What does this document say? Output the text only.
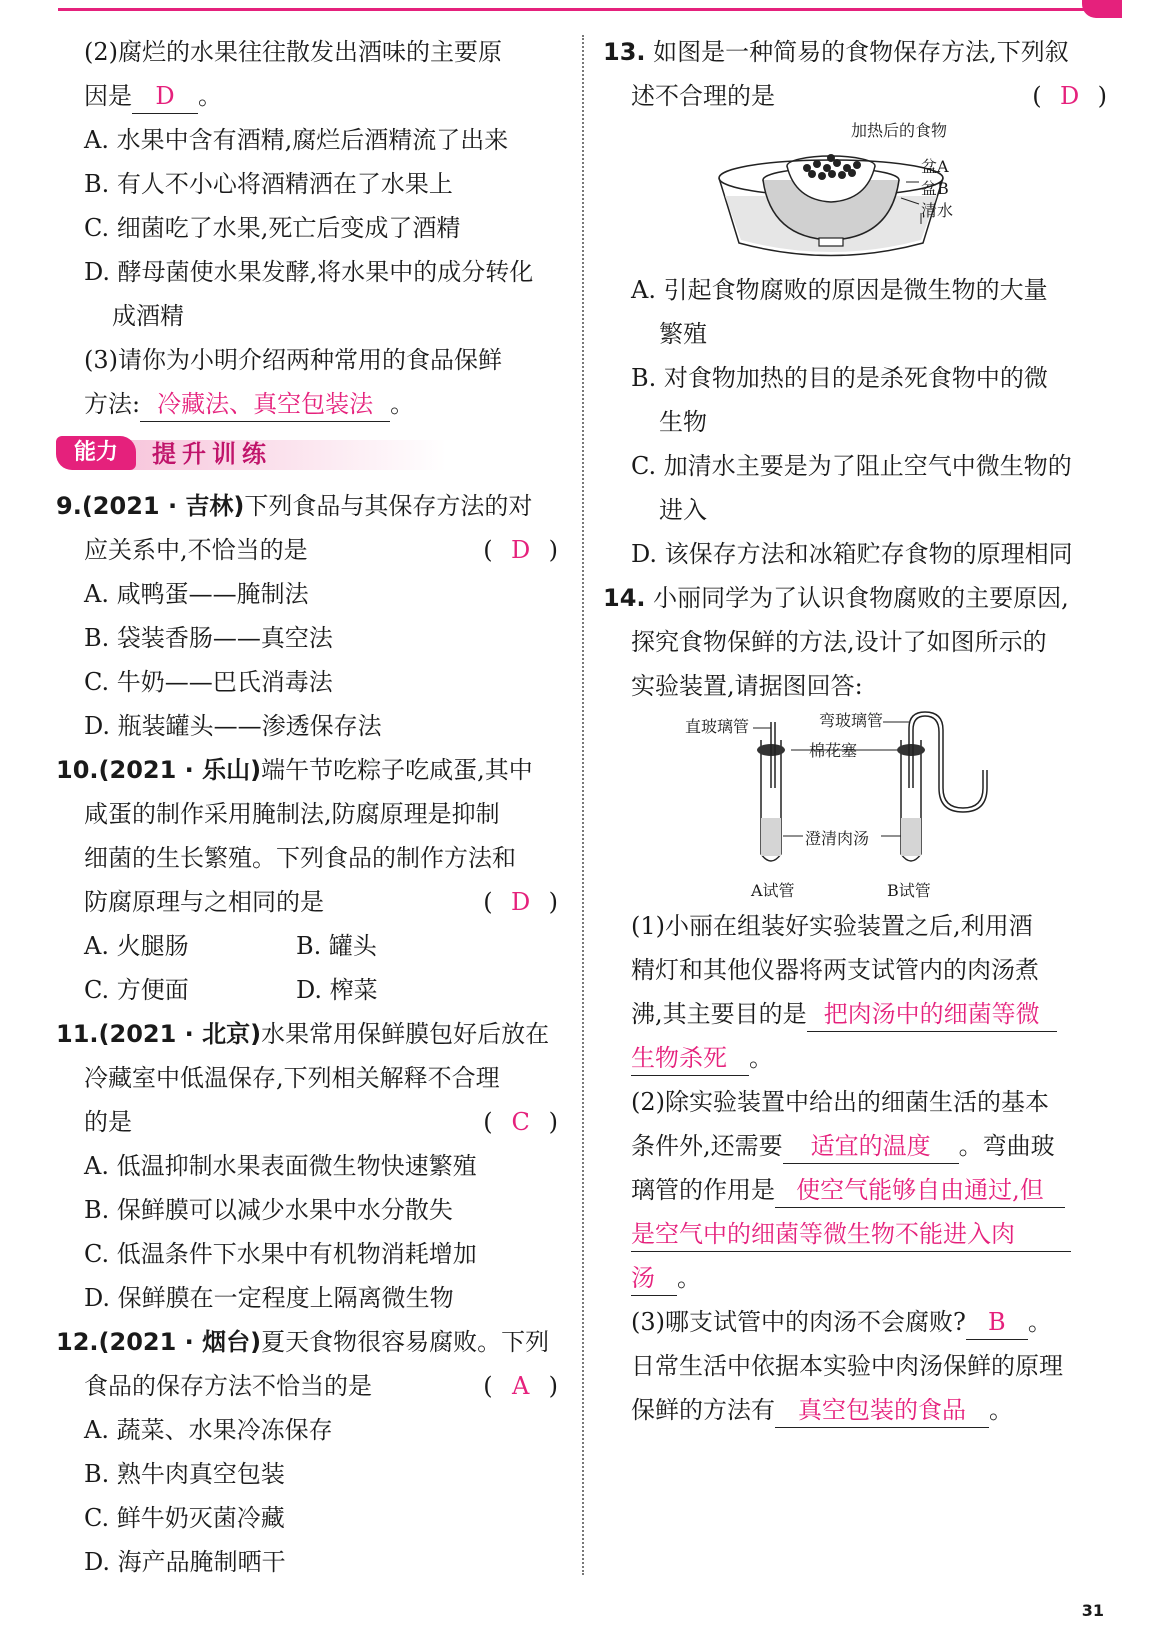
(2)腐烂的水果往往散发出酒味的主要原
因是 D 。
A. 水果中含有酒精,腐烂后酒精流了出来
B. 有人不小心将酒精洒在了水果上
C. 细菌吃了水果,死亡后变成了酒精
D. 酵母菌使水果发酵,将水果中的成分转化
成酒精
(3)请你为小明介绍两种常用的食品保鲜
方法: 冷藏法、真空包装法 。
能力	提升训练
9.(2021 · 吉林)下列食品与其保存方法的对
应关系中,不恰当的是	( D )
A. 咸鸭蛋——腌制法
B. 袋装香肠——真空法
C. 牛奶——巴氏消毒法
D. 瓶装罐头——渗透保存法
10.(2021 · 乐山)端午节吃粽子吃咸蛋,其中
咸蛋的制作采用腌制法,防腐原理是抑制
细菌的生长繁殖。下列食品的制作方法和
防腐原理与之相同的是	( D )
A. 火腿肠	B. 罐头
C. 方便面	D. 榨菜
11.(2021 · 北京)水果常用保鲜膜包好后放在
冷藏室中低温保存,下列相关解释不合理
的是	( C )
A. 低温抑制水果表面微生物快速繁殖
B. 保鲜膜可以减少水果中水分散失
C. 低温条件下水果中有机物消耗增加
D. 保鲜膜在一定程度上隔离微生物
12.(2021 · 烟台)夏天食物很容易腐败。下列
食品的保存方法不恰当的是	( A )
A. 蔬菜、水果冷冻保存
B. 熟牛肉真空包装
C. 鲜牛奶灭菌冷藏
D. 海产品腌制晒干
13. 如图是一种简易的食物保存方法,下列叙
述不合理的是	( D )
加热后的食物
盆A
盆B
清水
A. 引起食物腐败的原因是微生物的大量
繁殖
B. 对食物加热的目的是杀死食物中的微
生物
C. 加清水主要是为了阻止空气中微生物的
进入
D. 该保存方法和冰箱贮存食物的原理相同
14. 小丽同学为了认识食物腐败的主要原因,
探究食物保鲜的方法,设计了如图所示的
实验装置,请据图回答:
直玻璃管	弯玻璃管
棉花塞
澄清肉汤
A试管	B试管
(1)小丽在组装好实验装置之后,利用酒
精灯和其他仪器将两支试管内的肉汤煮
沸,其主要目的是 把肉汤中的细菌等微
生物杀死 。
(2)除实验装置中给出的细菌生活的基本
条件外,还需要 适宜的温度 。弯曲玻
璃管的作用是 使空气能够自由通过,但
是空气中的细菌等微生物不能进入肉
汤 。
(3)哪支试管中的肉汤不会腐败? B 。
日常生活中依据本实验中肉汤保鲜的原理
保鲜的方法有 真空包装的食品 。
31
